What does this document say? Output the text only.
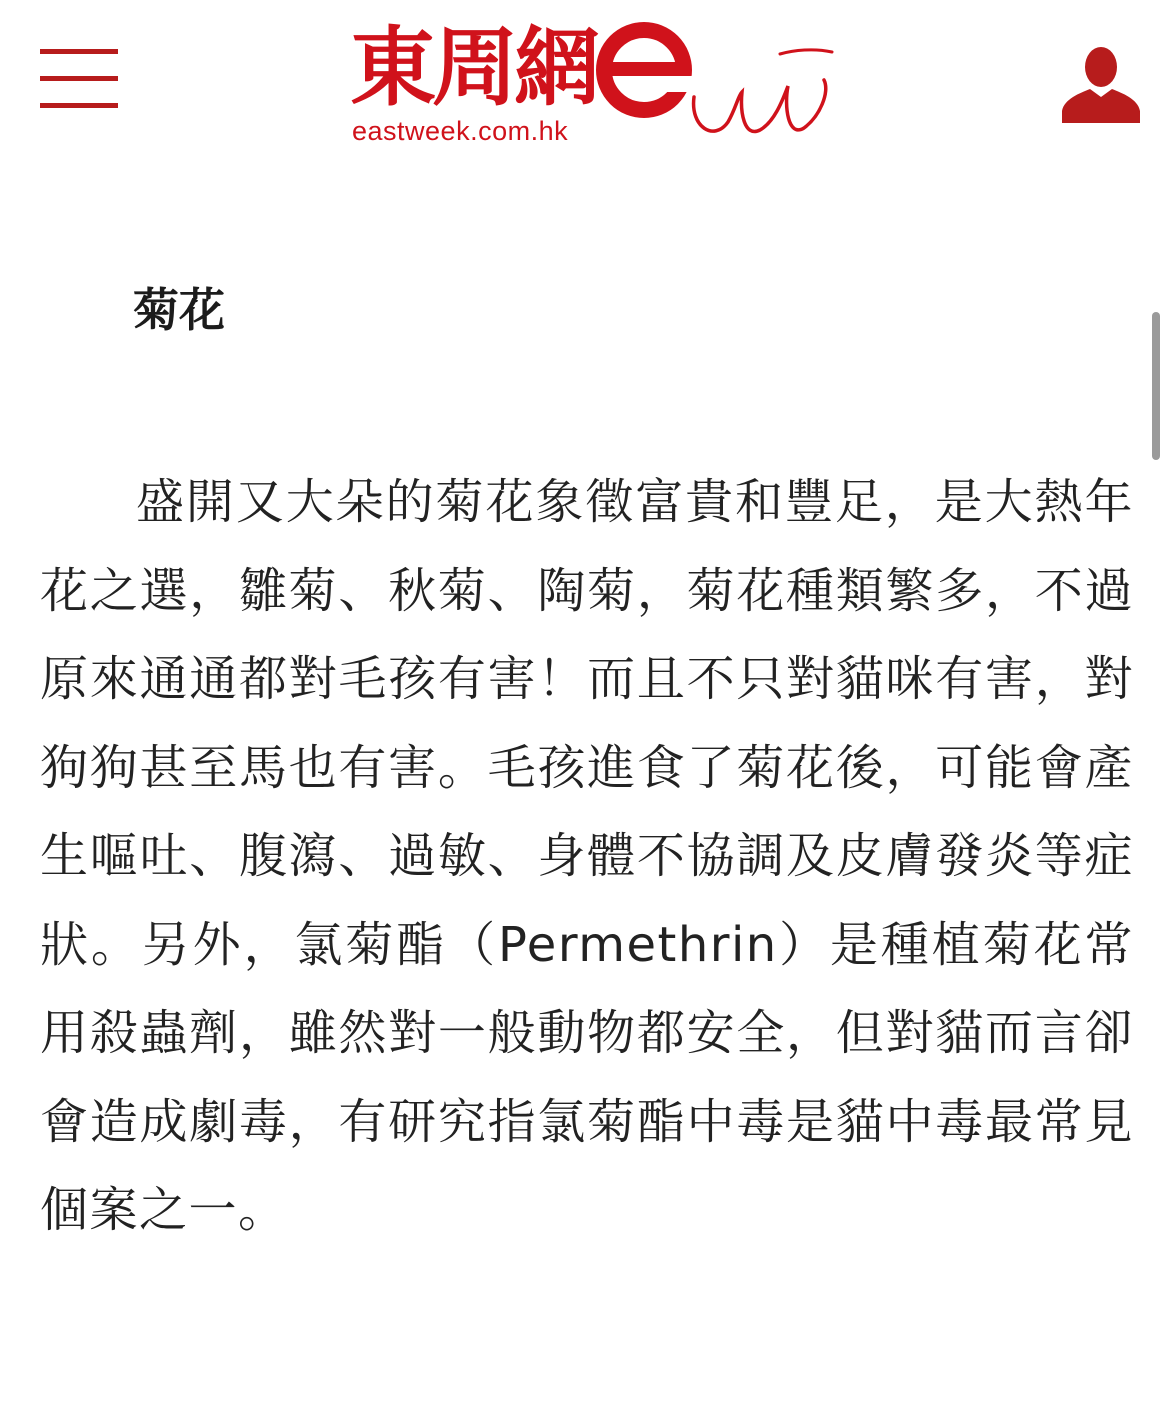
東周網
eastweek.com.hk
菊花

盛開又大朵的菊花象徵富貴和豐足，是大熱年花之選，雛菊、秋菊、陶菊，菊花種類繁多，不過原來通通都對毛孩有害！而且不只對貓咪有害，對狗狗甚至馬也有害。毛孩進食了菊花後，可能會產生嘔吐、腹瀉、過敏、身體不協調及皮膚發炎等症狀。另外，氯菊酯（Permethrin）是種植菊花常用殺蟲劑，雖然對一般動物都安全，但對貓而言卻會造成劇毒，有研究指氯菊酯中毒是貓中毒最常見個案之一。
